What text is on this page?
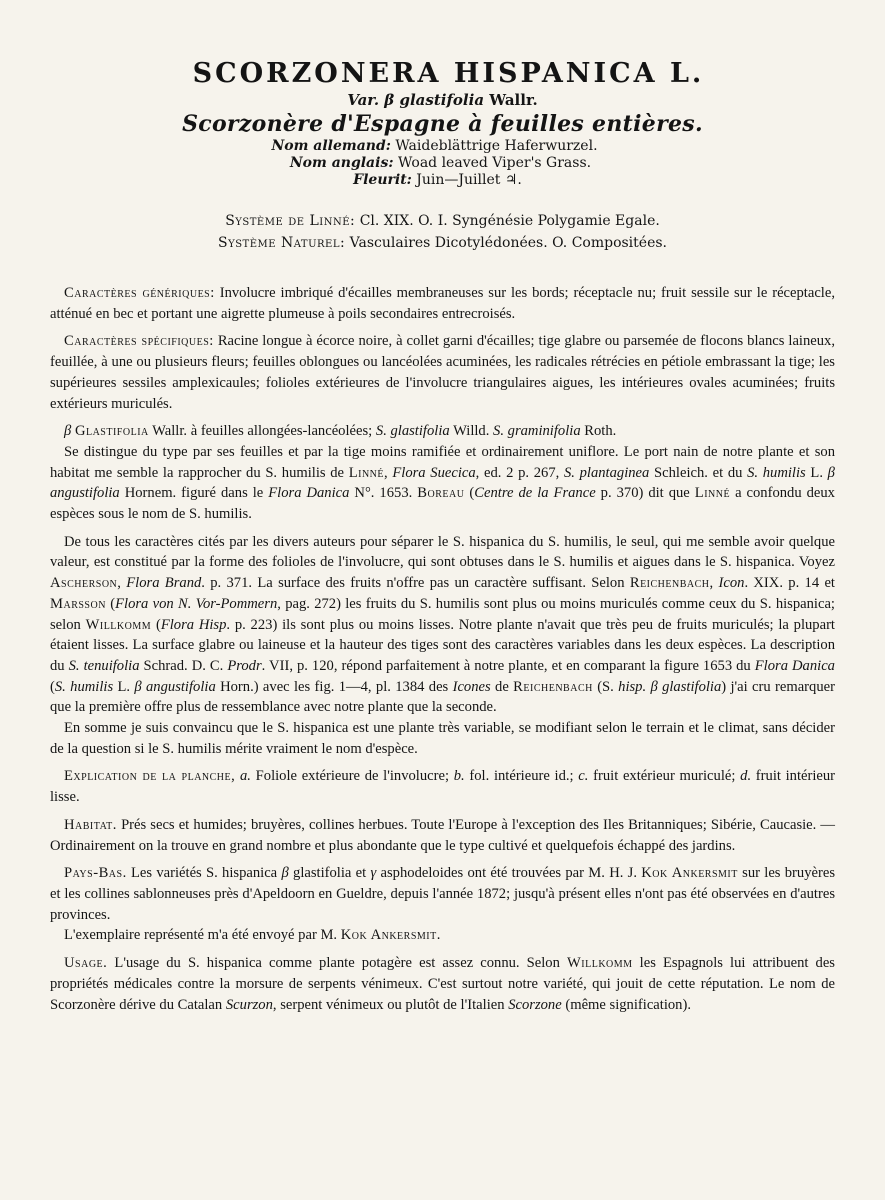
SCORZONERA HISPANICA L.
Var. β glastifolia Wallr.
Scorzonère d'Espagne à feuilles entières.
Nom allemand: Waideblättrige Haferwurzel.
Nom anglais: Woad leaved Viper's Grass.
Fleurit: Juin—Juillet ♃.
Système de Linné: Cl. XIX. O. I. Syngénésie Polygamie Egale.
Système Naturel: Vasculaires Dicotylédonées. O. Compositées.

Caractères génériques: Involucre imbriqué d'écailles membraneuses sur les bords; réceptacle nu; fruit sessile sur le réceptacle, atténué en bec et portant une aigrette plumeuse à poils secondaires entrecroisés.

Caractères spécifiques: Racine longue à écorce noire, à collet garni d'écailles; tige glabre ou parsemée de flocons blancs laineux, feuillée, à une ou plusieurs fleurs; feuilles oblongues ou lancéolées acuminées, les radicales rétrécies en pétiole embrassant la tige; les supérieures sessiles amplexicaules; folioles extérieures de l'involucre triangulaires aigues, les intérieures ovales acuminées; fruits extérieurs muriculés.

β Glastifolia Wallr. à feuilles allongées-lancéolées; S. glastifolia Willd. S. graminifolia Roth.

Se distingue du type par ses feuilles et par la tige moins ramifiée et ordinairement uniflore. Le port nain de notre plante et son habitat me semble la rapprocher du S. humilis de Linné, Flora Suecica, ed. 2 p. 267, S. plantaginea Schleich. et du S. humilis L. β angustifolia Hornem. figuré dans le Flora Danica N°. 1653. Boreau (Centre de la France p. 370) dit que Linné a confondu deux espèces sous le nom de S. humilis.

De tous les caractères cités par les divers auteurs pour séparer le S. hispanica du S. humilis, le seul, qui me semble avoir quelque valeur, est constitué par la forme des folioles de l'involucre, qui sont obtuses dans le S. humilis et aigues dans le S. hispanica. Voyez Ascherson, Flora Brand. p. 371. La surface des fruits n'offre pas un caractère suffisant. Selon Reichenbach, Icon. XIX. p. 14 et Marsson (Flora von N. Vor-Pommern, pag. 272) les fruits du S. humilis sont plus ou moins muriculés comme ceux du S. hispanica; selon Willkomm (Flora Hisp. p. 223) ils sont plus ou moins lisses. Notre plante n'avait que très peu de fruits muriculés; la plupart étaient lisses. La surface glabre ou laineuse et la hauteur des tiges sont des caractères variables dans les deux espèces. La description du S. tenuifolia Schrad. D. C. Prodr. VII, p. 120, répond parfaitement à notre plante, et en comparant la figure 1653 du Flora Danica (S. humilis L. β angustifolia Horn.) avec les fig. 1—4, pl. 1384 des Icones de Reichenbach (S. hisp. β glastifolia) j'ai cru remarquer que la première offre plus de ressemblance avec notre plante que la seconde.

En somme je suis convaincu que le S. hispanica est une plante très variable, se modifiant selon le terrain et le climat, sans décider de la question si le S. humilis mérite vraiment le nom d'espèce.

Explication de la planche, a. Foliole extérieure de l'involucre; b. fol. intérieure id.; c. fruit extérieur muriculé; d. fruit intérieur lisse.

Habitat. Prés secs et humides; bruyères, collines herbues. Toute l'Europe à l'exception des Iles Britanniques; Sibérie, Caucasie. — Ordinairement on la trouve en grand nombre et plus abondante que le type cultivé et quelquefois échappé des jardins.

Pays-Bas. Les variétés S. hispanica β glastifolia et γ asphodeloides ont été trouvées par M. H. J. Kok Ankersmit sur les bruyères et les collines sablonneuses près d'Apeldoorn en Gueldre, depuis l'année 1872; jusqu'à présent elles n'ont pas été observées en d'autres provinces.

L'exemplaire représenté m'a été envoyé par M. Kok Ankersmit.

Usage. L'usage du S. hispanica comme plante potagère est assez connu. Selon Willkomm les Espagnols lui attribuent des propriétés médicales contre la morsure de serpents vénimeux. C'est surtout notre variété, qui jouit de cette réputation. Le nom de Scorzonère dérive du Catalan Scurzon, serpent vénimeux ou plutôt de l'Italien Scorzone (même signification).
